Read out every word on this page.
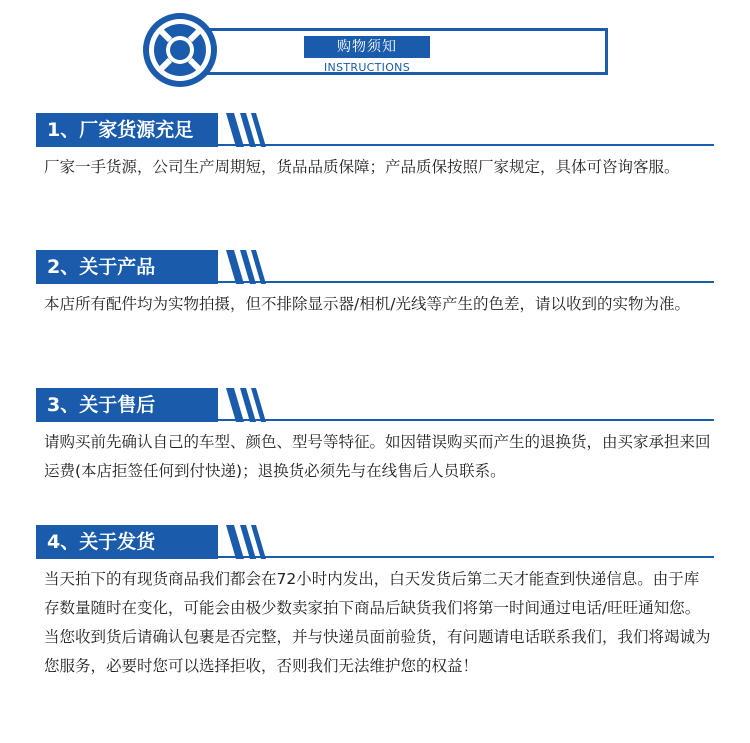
购物须知
INSTRUCTIONS
1、厂家货源充足
厂家一手货源，公司生产周期短，货品品质保障；产品质保按照厂家规定，具体可咨询客服。
2、关于产品
本店所有配件均为实物拍摄，但不排除显示器/相机/光线等产生的色差，请以收到的实物为准。
3、关于售后
请购买前先确认自己的车型、颜色、型号等特征。如因错误购买而产生的退换货，由买家承担来回运费(本店拒签任何到付快递)；退换货必须先与在线售后人员联系。
4、关于发货
当天拍下的有现货商品我们都会在72小时内发出，白天发货后第二天才能查到快递信息。由于库存数量随时在变化，可能会由极少数卖家拍下商品后缺货我们将第一时间通过电话/旺旺通知您。当您收到货后请确认包裹是否完整，并与快递员面前验货，有问题请电话联系我们，我们将竭诚为您服务，必要时您可以选择拒收，否则我们无法维护您的权益！
